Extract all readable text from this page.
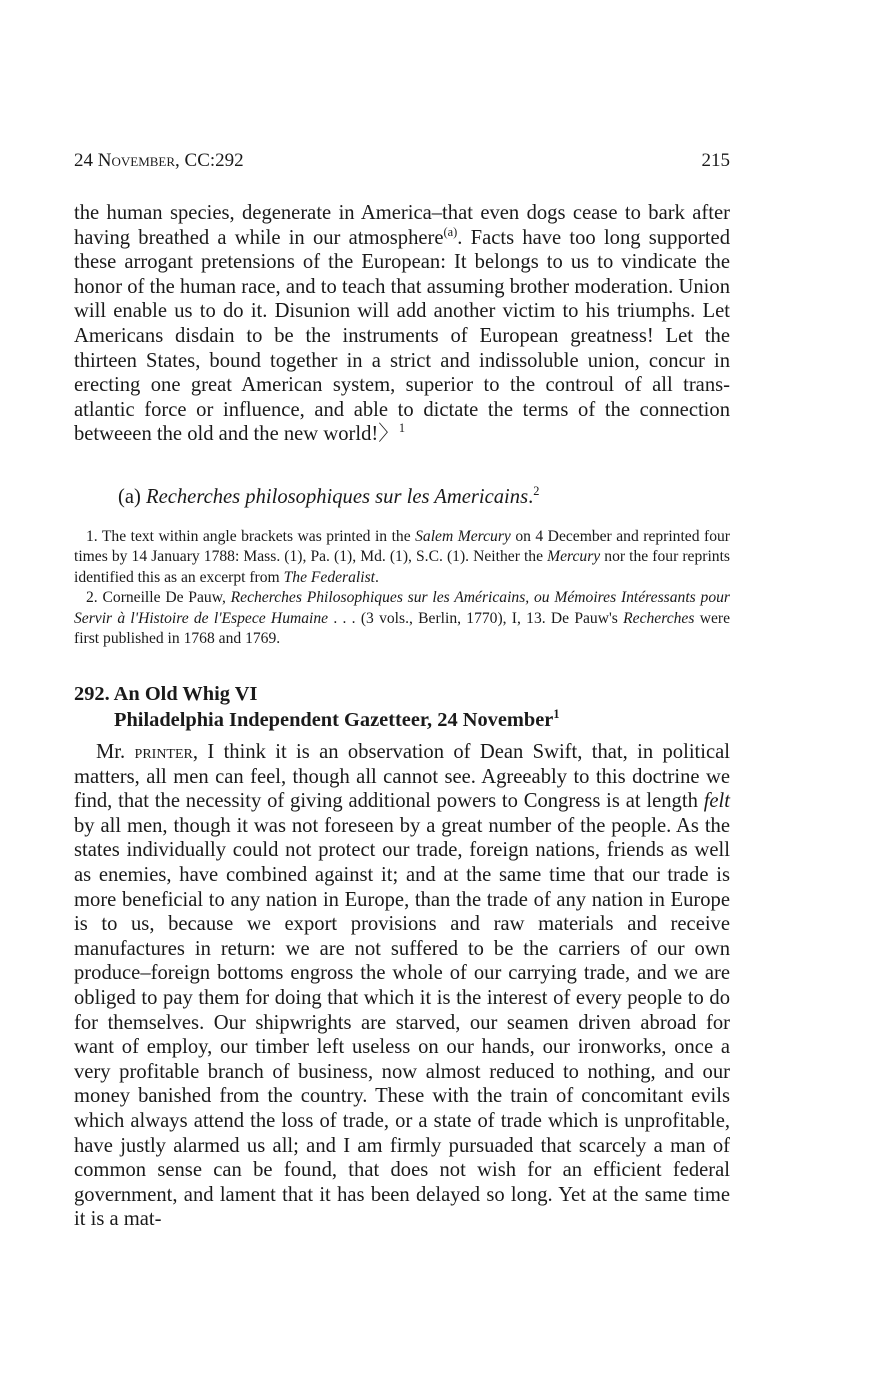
24 November, CC:292	215

the human species, degenerate in America–that even dogs cease to bark after having breathed a while in our atmosphere$^{(a)}$. Facts have too long supported these arrogant pretensions of the European: It belongs to us to vindicate the honor of the human race, and to teach that assuming brother moderation. Union will enable us to do it. Disunion will add another victim to his triumphs. Let Americans disdain to be the instruments of European greatness! Let the thirteen States, bound together in a strict and indissoluble union, concur in erecting one great American system, superior to the controul of all trans-atlantic force or influence, and able to dictate the terms of the connection betweeen the old and the new world!〉$^1$

(a) Recherches philosophiques sur les Americains.$^2$

1. The text within angle brackets was printed in the Salem Mercury on 4 December and reprinted four times by 14 January 1788: Mass. (1), Pa. (1), Md. (1), S.C. (1). Neither the Mercury nor the four reprints identified this as an excerpt from The Federalist.

2. Corneille De Pauw, Recherches Philosophiques sur les Américains, ou Mémoires Intéressants pour Servir à l'Histoire de l'Espece Humaine . . . (3 vols., Berlin, 1770), I, 13. De Pauw's Recherches were first published in 1768 and 1769.

292. An Old Whig VI
Philadelphia Independent Gazetteer, 24 November$^1$

Mr. printer, I think it is an observation of Dean Swift, that, in political matters, all men can feel, though all cannot see. Agreeably to this doctrine we find, that the necessity of giving additional powers to Congress is at length felt by all men, though it was not foreseen by a great number of the people. As the states individually could not protect our trade, foreign nations, friends as well as enemies, have combined against it; and at the same time that our trade is more beneficial to any nation in Europe, than the trade of any nation in Europe is to us, because we export provisions and raw materials and receive manufactures in return: we are not suffered to be the carriers of our own produce–foreign bottoms engross the whole of our carrying trade, and we are obliged to pay them for doing that which it is the interest of every people to do for themselves. Our shipwrights are starved, our seamen driven abroad for want of employ, our timber left useless on our hands, our ironworks, once a very profitable branch of business, now almost reduced to nothing, and our money banished from the country. These with the train of concomitant evils which always attend the loss of trade, or a state of trade which is unprofitable, have justly alarmed us all; and I am firmly pursuaded that scarcely a man of common sense can be found, that does not wish for an efficient federal government, and lament that it has been delayed so long. Yet at the same time it is a mat-
